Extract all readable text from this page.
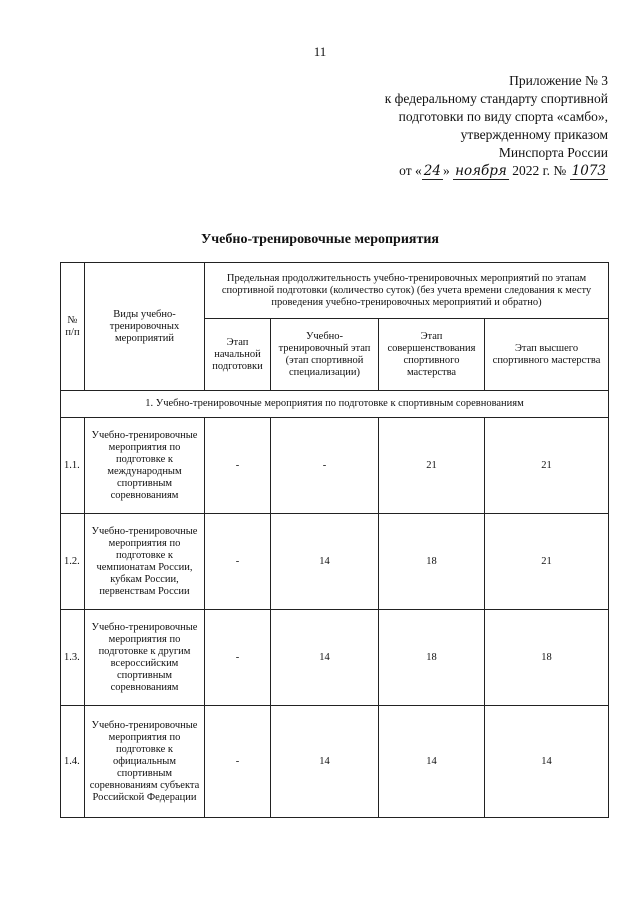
11
Приложение № 3
к федеральному стандарту спортивной
подготовки по виду спорта «самбо»,
утвержденному приказом
Минспорта России
от « 24 » ноября 2022 г. № 1073
Учебно-тренировочные мероприятия
№ п/п	Виды учебно-тренировочных мероприятий	Предельная продолжительность учебно-тренировочных мероприятий по этапам спортивной подготовки (количество суток) (без учета времени следования к месту проведения учебно-тренировочных мероприятий и обратно)			
		Этап начальной подготовки	Учебно-тренировочный этап (этап спортивной специализации)	Этап совершенствования спортивного мастерства	Этап высшего спортивного мастерства
1. Учебно-тренировочные мероприятия по подготовке к спортивным соревнованиям					
1.1.	Учебно-тренировочные мероприятия по подготовке к международным спортивным соревнованиям	-	-	21	21
1.2.	Учебно-тренировочные мероприятия по подготовке к чемпионатам России, кубкам России, первенствам России	-	14	18	21
1.3.	Учебно-тренировочные мероприятия по подготовке к другим всероссийским спортивным соревнованиям	-	14	18	18
1.4.	Учебно-тренировочные мероприятия по подготовке к официальным спортивным соревнованиям субъекта Российской Федерации	-	14	14	14
